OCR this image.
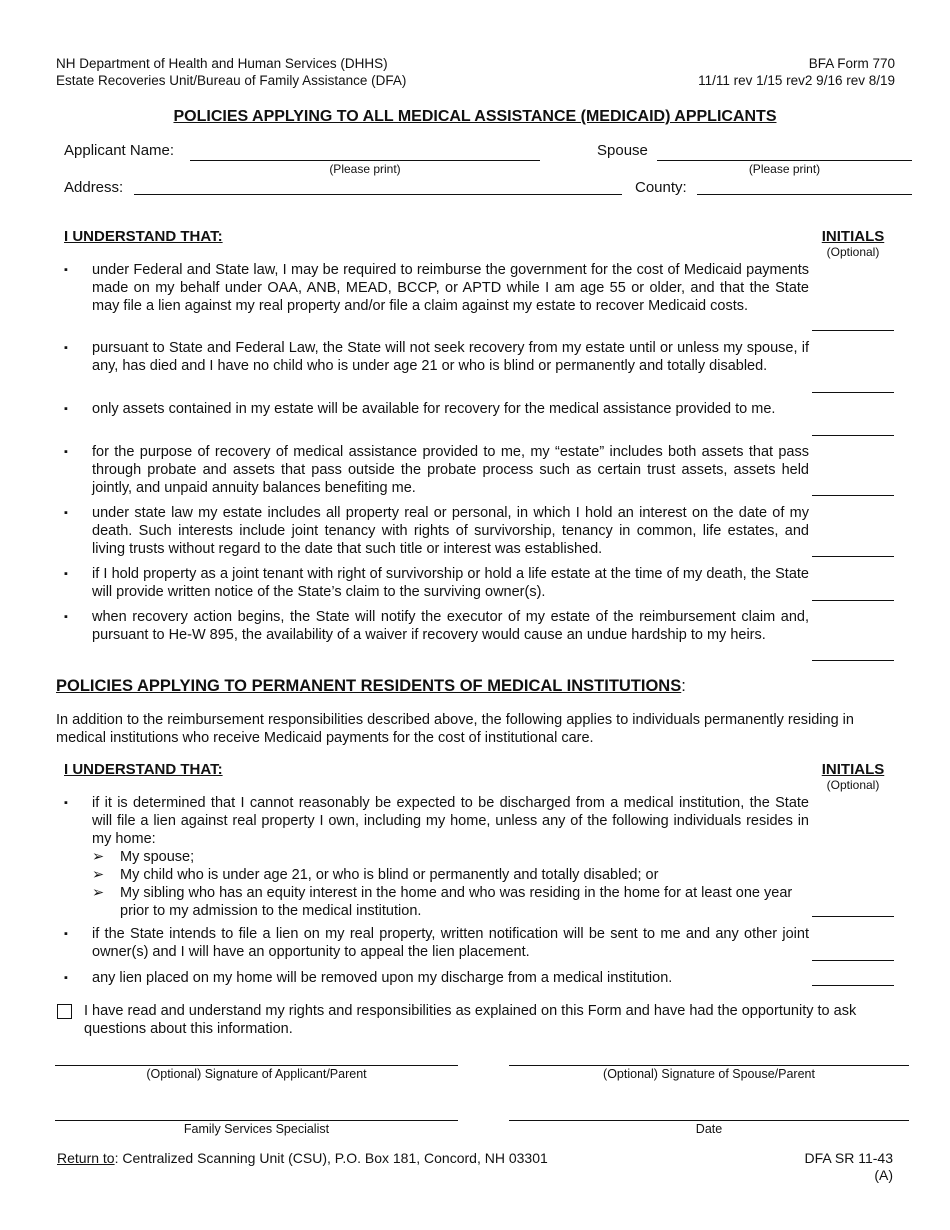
NH Department of Health and Human Services (DHHS)
Estate Recoveries Unit/Bureau of Family Assistance (DFA)
BFA Form 770
11/11 rev 1/15 rev2 9/16 rev 8/19
POLICIES APPLYING TO ALL MEDICAL ASSISTANCE (MEDICAID) APPLICANTS
Applicant Name:
(Please print)
Spouse
(Please print)
Address:	County:
I UNDERSTAND THAT:	INITIALS
(Optional)
▪ under Federal and State law, I may be required to reimburse the government for the cost of Medicaid payments made on my behalf under OAA, ANB, MEAD, BCCP, or APTD while I am age 55 or older, and that the State may file a lien against my real property and/or file a claim against my estate to recover Medicaid costs.
▪ pursuant to State and Federal Law, the State will not seek recovery from my estate until or unless my spouse, if any, has died and I have no child who is under age 21 or who is blind or permanently and totally disabled.
▪ only assets contained in my estate will be available for recovery for the medical assistance provided to me.
▪ for the purpose of recovery of medical assistance provided to me, my “estate” includes both assets that pass through probate and assets that pass outside the probate process such as certain trust assets, assets held jointly, and unpaid annuity balances benefiting me.
▪ under state law my estate includes all property real or personal, in which I hold an interest on the date of my death. Such interests include joint tenancy with rights of survivorship, tenancy in common, life estates, and living trusts without regard to the date that such title or interest was established.
▪ if I hold property as a joint tenant with right of survivorship or hold a life estate at the time of my death, the State will provide written notice of the State’s claim to the surviving owner(s).
▪ when recovery action begins, the State will notify the executor of my estate of the reimbursement claim and, pursuant to He-W 895, the availability of a waiver if recovery would cause an undue hardship to my heirs.
POLICIES APPLYING TO PERMANENT RESIDENTS OF MEDICAL INSTITUTIONS:
In addition to the reimbursement responsibilities described above, the following applies to individuals permanently residing in medical institutions who receive Medicaid payments for the cost of institutional care.
I UNDERSTAND THAT:	INITIALS
(Optional)
▪ if it is determined that I cannot reasonably be expected to be discharged from a medical institution, the State will file a lien against real property I own, including my home, unless any of the following individuals resides in my home:
➢ My spouse;
➢ My child who is under age 21, or who is blind or permanently and totally disabled; or
➢ My sibling who has an equity interest in the home and who was residing in the home for at least one year prior to my admission to the medical institution.
▪ if the State intends to file a lien on my real property, written notification will be sent to me and any other joint owner(s) and I will have an opportunity to appeal the lien placement.
▪ any lien placed on my home will be removed upon my discharge from a medical institution.
I have read and understand my rights and responsibilities as explained on this Form and have had the opportunity to ask questions about this information.
(Optional) Signature of Applicant/Parent	(Optional) Signature of Spouse/Parent
Family Services Specialist	Date
Return to: Centralized Scanning Unit (CSU), P.O. Box 181, Concord, NH 03301	DFA SR 11-43
(A)
